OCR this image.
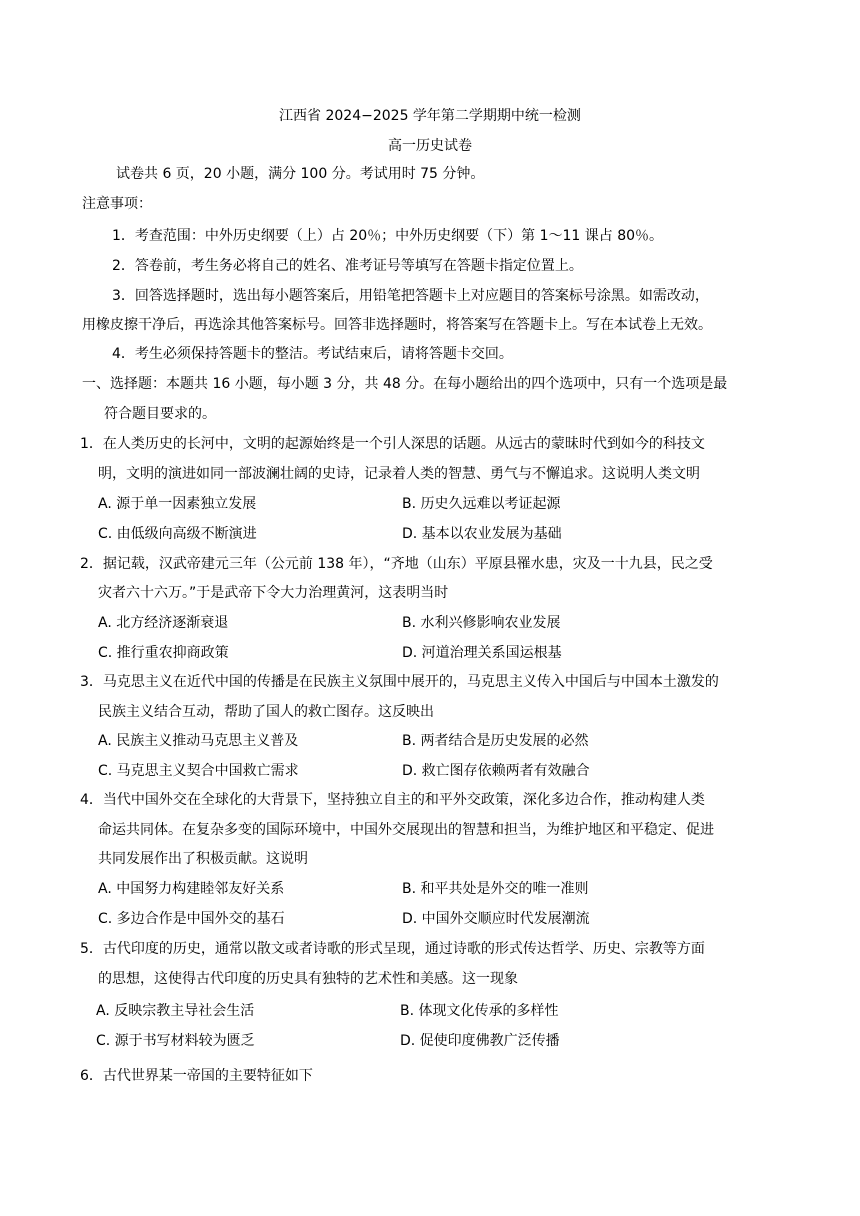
江西省 2024−2025 学年第二学期期中统一检测
高一历史试卷
试卷共 6 页，20 小题，满分 100 分。考试用时 75 分钟。
注意事项：
1．考查范围：中外历史纲要（上）占 20％；中外历史纲要（下）第 1～11 课占 80％。
2．答卷前，考生务必将自己的姓名、准考证号等填写在答题卡指定位置上。
3．回答选择题时，选出每小题答案后，用铅笔把答题卡上对应题目的答案标号涂黑。如需改动，
用橡皮擦干净后，再选涂其他答案标号。回答非选择题时，将答案写在答题卡上。写在本试卷上无效。
4．考生必须保持答题卡的整洁。考试结束后，请将答题卡交回。
一、选择题：本题共 16 小题，每小题 3 分，共 48 分。在每小题给出的四个选项中，只有一个选项是最
符合题目要求的。
1．在人类历史的长河中，文明的起源始终是一个引人深思的话题。从远古的蒙昧时代到如今的科技文
明，文明的演进如同一部波澜壮阔的史诗，记录着人类的智慧、勇气与不懈追求。这说明人类文明
A. 源于单一因素独立发展	B. 历史久远难以考证起源
C. 由低级向高级不断演进	D. 基本以农业发展为基础
2．据记载，汉武帝建元三年（公元前 138 年），“齐地（山东）平原县罹水患，灾及一十九县，民之受
灾者六十六万。”于是武帝下令大力治理黄河，这表明当时
A. 北方经济逐渐衰退	B. 水利兴修影响农业发展
C. 推行重农抑商政策	D. 河道治理关系国运根基
3．马克思主义在近代中国的传播是在民族主义氛围中展开的，马克思主义传入中国后与中国本土激发的
民族主义结合互动，帮助了国人的救亡图存。这反映出
A. 民族主义推动马克思主义普及	B. 两者结合是历史发展的必然
C. 马克思主义契合中国救亡需求	D. 救亡图存依赖两者有效融合
4．当代中国外交在全球化的大背景下，坚持独立自主的和平外交政策，深化多边合作，推动构建人类
命运共同体。在复杂多变的国际环境中，中国外交展现出的智慧和担当，为维护地区和平稳定、促进
共同发展作出了积极贡献。这说明
A. 中国努力构建睦邻友好关系	B. 和平共处是外交的唯一准则
C. 多边合作是中国外交的基石	D. 中国外交顺应时代发展潮流
5．古代印度的历史，通常以散文或者诗歌的形式呈现，通过诗歌的形式传达哲学、历史、宗教等方面
的思想，这使得古代印度的历史具有独特的艺术性和美感。这一现象
A. 反映宗教主导社会生活	B. 体现文化传承的多样性
C. 源于书写材料较为匮乏	D. 促使印度佛教广泛传播
6．古代世界某一帝国的主要特征如下
